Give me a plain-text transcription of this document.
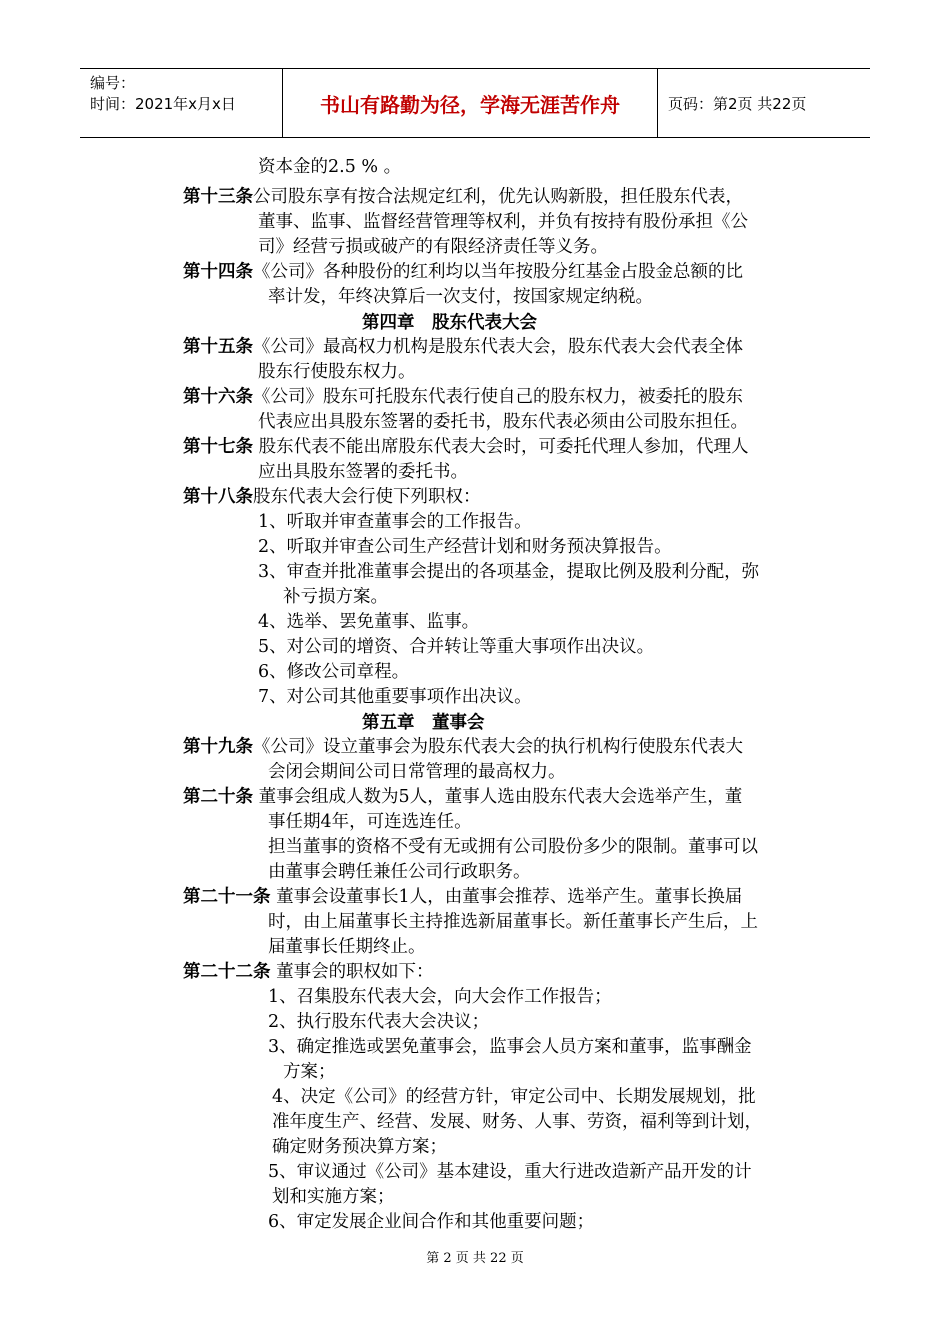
编号：
时间：2021年x月x日	书山有路勤为径，学海无涯苦作舟	页码：第2页 共22页
资本金的2.5 % 。
第十三条公司股东享有按合法规定红利，优先认购新股，担任股东代表，
董事、监事、监督经营管理等权利，并负有按持有股份承担《公
司》经营亏损或破产的有限经济责任等义务。
第十四条《公司》各种股份的红利均以当年按股分红基金占股金总额的比
率计发，年终决算后一次支付，按国家规定纳税。
第四章　股东代表大会
第十五条《公司》最高权力机构是股东代表大会，股东代表大会代表全体
股东行使股东权力。
第十六条《公司》股东可托股东代表行使自己的股东权力，被委托的股东
代表应出具股东签署的委托书，股东代表必须由公司股东担任。
第十七条 股东代表不能出席股东代表大会时，可委托代理人参加，代理人
应出具股东签署的委托书。
第十八条股东代表大会行使下列职权：
1、听取并审查董事会的工作报告。
2、听取并审查公司生产经营计划和财务预决算报告。
3、审查并批准董事会提出的各项基金，提取比例及股利分配，弥
补亏损方案。
4、选举、罢免董事、监事。
5、对公司的增资、合并转让等重大事项作出决议。
6、修改公司章程。
7、对公司其他重要事项作出决议。
第五章　董事会
第十九条《公司》设立董事会为股东代表大会的执行机构行使股东代表大
会闭会期间公司日常管理的最高权力。
第二十条 董事会组成人数为5人，董事人选由股东代表大会选举产生，董
事任期4年，可连选连任。
担当董事的资格不受有无或拥有公司股份多少的限制。董事可以
由董事会聘任兼任公司行政职务。
第二十一条 董事会设董事长1人，由董事会推荐、选举产生。董事长换届
时，由上届董事长主持推选新届董事长。新任董事长产生后，上
届董事长任期终止。
第二十二条 董事会的职权如下：
1、召集股东代表大会，向大会作工作报告；
2、执行股东代表大会决议；
3、确定推选或罢免董事会，监事会人员方案和董事，监事酬金
方案；
4、决定《公司》的经营方针，审定公司中、长期发展规划，批
准年度生产、经营、发展、财务、人事、劳资，福利等到计划，
确定财务预决算方案；
5、审议通过《公司》基本建设，重大行进改造新产品开发的计
划和实施方案；
6、审定发展企业间合作和其他重要问题；
第 2 页 共 22 页
